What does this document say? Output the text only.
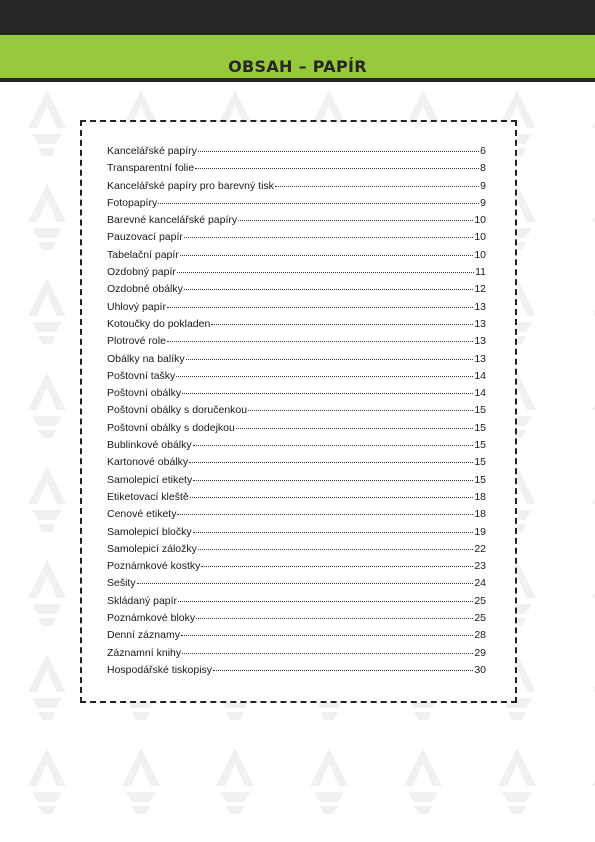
OBSAH – PAPÍR
Kancelářské papíry	6
Transparentní folie	8
Kancelářské papíry pro barevný tisk	9
Fotopapíry	9
Barevné kancelářské papíry	10
Pauzovací papír	10
Tabelační papír	10
Ozdobný papír	11
Ozdobné obálky	12
Uhlový papír	13
Kotoučky do pokladen	13
Plotrové role	13
Obálky na balíky	13
Poštovní tašky	14
Poštovní obálky	14
Poštovní obálky s doručenkou	15
Poštovní obálky s dodejkou	15
Bublinkové obálky	15
Kartonové obálky	15
Samolepicí etikety	15
Etiketovací kleště	18
Cenové etikety	18
Samolepicí bločky	19
Samolepicí záložky	22
Poznámkové kostky	23
Sešity	24
Skládaný papír	25
Poznámkové bloky	25
Denní záznamy	28
Záznamní knihy	29
Hospodářské tiskopisy	30
